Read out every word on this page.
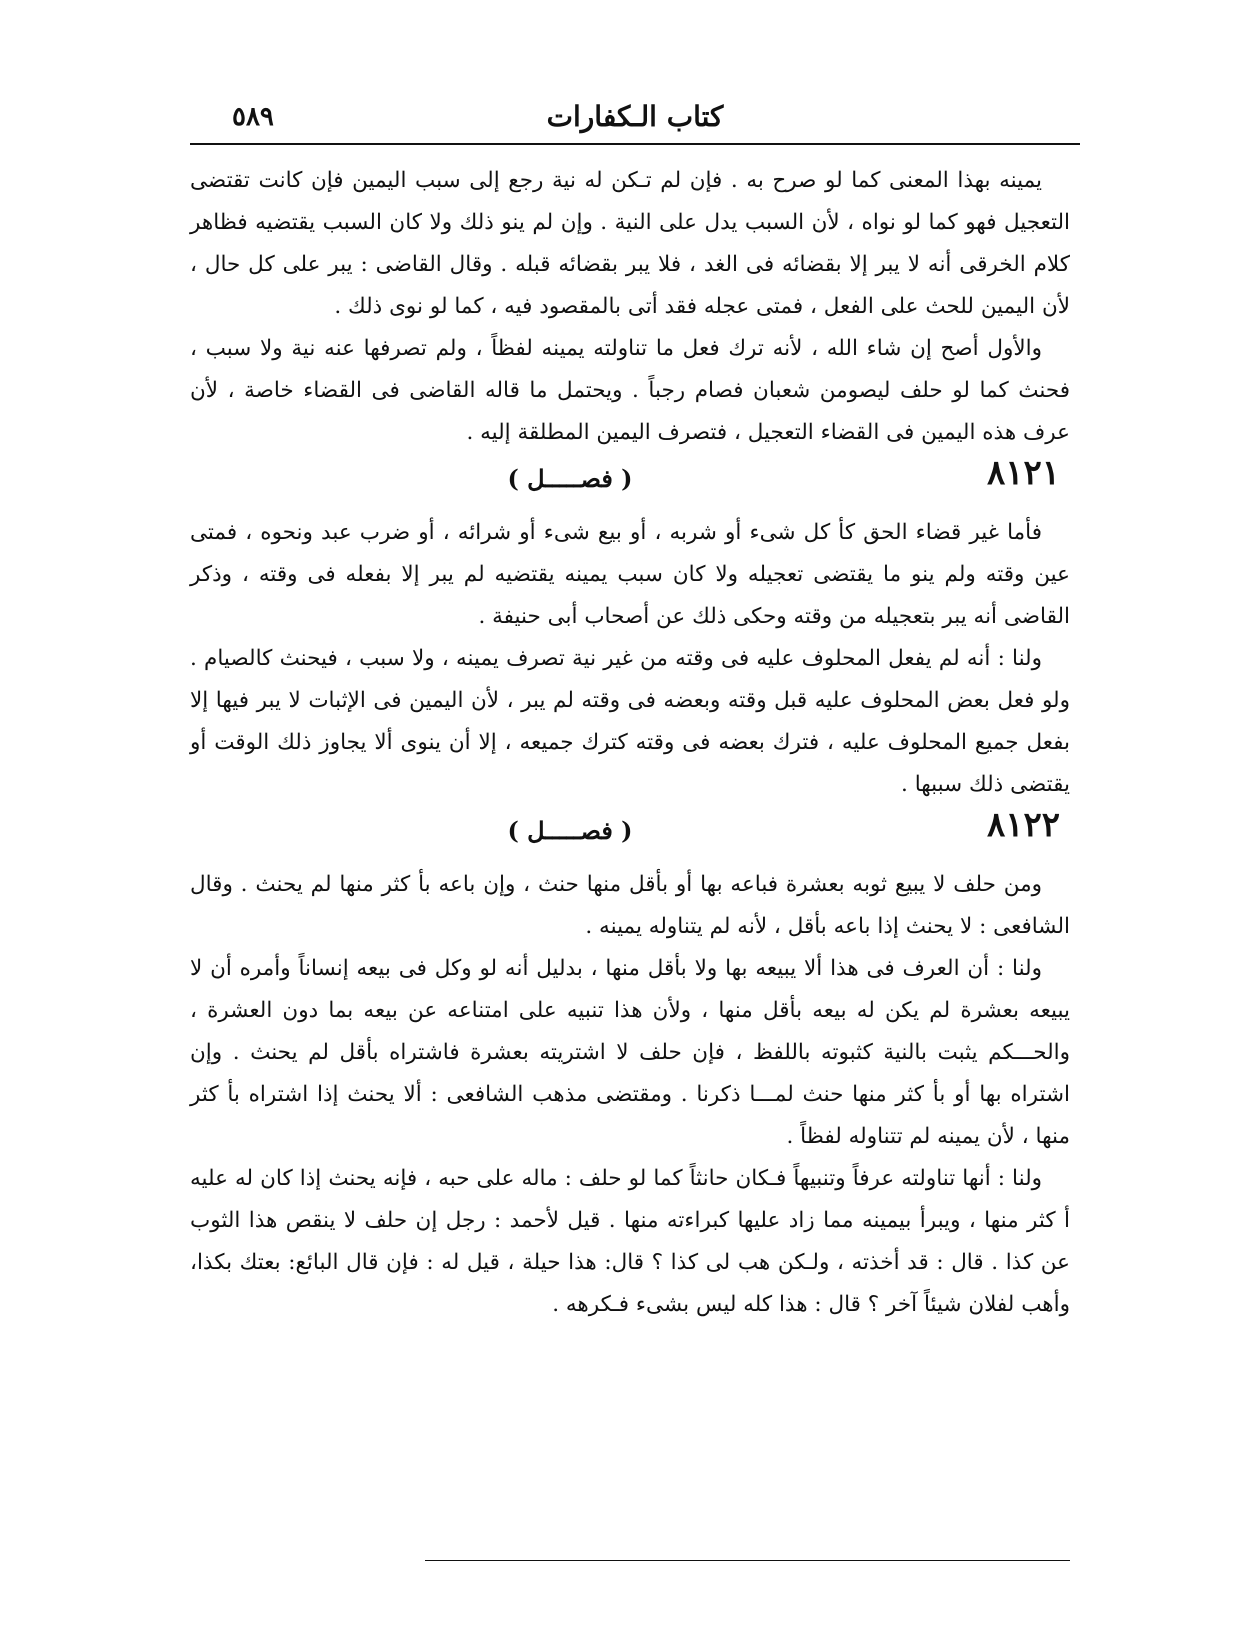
٥٨٩	كتاب الـكفارات

يمينه بهذا المعنى كما لو صرح به . فإن لم تـكن له نية رجع إلى سبب اليمين فإن كانت تقتضى التعجيل فهو كما لو نواه ، لأن السبب يدل على النية . وإن لم ينو ذلك ولا كان السبب يقتضيه فظاهر كلام الخرقى أنه لا يبر إلا بقضائه فى الغد ، فلا يبر بقضائه قبله . وقال القاضى : يبر على كل حال ، لأن اليمين للحث على الفعل ، فمتى عجله فقد أتى بالمقصود فيه ، كما لو نوى ذلك .

والأول أصح إن شاء الله ، لأنه ترك فعل ما تناولته يمينه لفظاً ، ولم تصرفها عنه نية ولا سبب ، فحنث كما لو حلف ليصومن شعبان فصام رجباً . ويحتمل ما قاله القاضى فى القضاء خاصة ، لأن عرف هذه اليمين فى القضاء التعجيل ، فتصرف اليمين المطلقة إليه .

٨١٢١
( فصـــــل )

فأما غير قضاء الحق كأ كل شىء أو شربه ، أو بيع شىء أو شرائه ، أو ضرب عبد ونحوه ، فمتى عين وقته ولم ينو ما يقتضى تعجيله ولا كان سبب يمينه يقتضيه لم يبر إلا بفعله فى وقته ، وذكر القاضى أنه يبر بتعجيله من وقته وحكى ذلك عن أصحاب أبى حنيفة .

ولنا : أنه لم يفعل المحلوف عليه فى وقته من غير نية تصرف يمينه ، ولا سبب ، فيحنث كالصيام . ولو فعل بعض المحلوف عليه قبل وقته وبعضه فى وقته لم يبر ، لأن اليمين فى الإثبات لا يبر فيها إلا بفعل جميع المحلوف عليه ، فترك بعضه فى وقته كترك جميعه ، إلا أن ينوى ألا يجاوز ذلك الوقت أو يقتضى ذلك سببها .

٨١٢٢
( فصـــــل )

ومن حلف لا يبيع ثوبه بعشرة فباعه بها أو بأقل منها حنث ، وإن باعه بأ كثر منها لم يحنث . وقال الشافعى : لا يحنث إذا باعه بأقل ، لأنه لم يتناوله يمينه .

ولنا : أن العرف فى هذا ألا يبيعه بها ولا بأقل منها ، بدليل أنه لو وكل فى بيعه إنساناً وأمره أن لا يبيعه بعشرة لم يكن له بيعه بأقل منها ، ولأن هذا تنبيه على امتناعه عن بيعه بما دون العشرة ، والحـــكم يثبت بالنية كثبوته باللفظ ، فإن حلف لا اشتريته بعشرة فاشتراه بأقل لم يحنث . وإن اشتراه بها أو بأ كثر منها حنث لمـــا ذكرنا . ومقتضى مذهب الشافعى : ألا يحنث إذا اشتراه بأ كثر منها ، لأن يمينه لم تتناوله لفظاً .

ولنا : أنها تناولته عرفاً وتنبيهاً فـكان حانثاً كما لو حلف : ماله على حبه ، فإنه يحنث إذا كان له عليه أ كثر منها ، ويبرأ بيمينه مما زاد عليها كبراءته منها . قيل لأحمد : رجل إن حلف لا ينقص هذا الثوب عن كذا . قال : قد أخذته ، ولـكن هب لى كذا ؟ قال: هذا حيلة ، قيل له : فإن قال البائع: بعتك بكذا، وأهب لفلان شيئاً آخر ؟ قال : هذا كله ليس بشىء فـكرهه .
